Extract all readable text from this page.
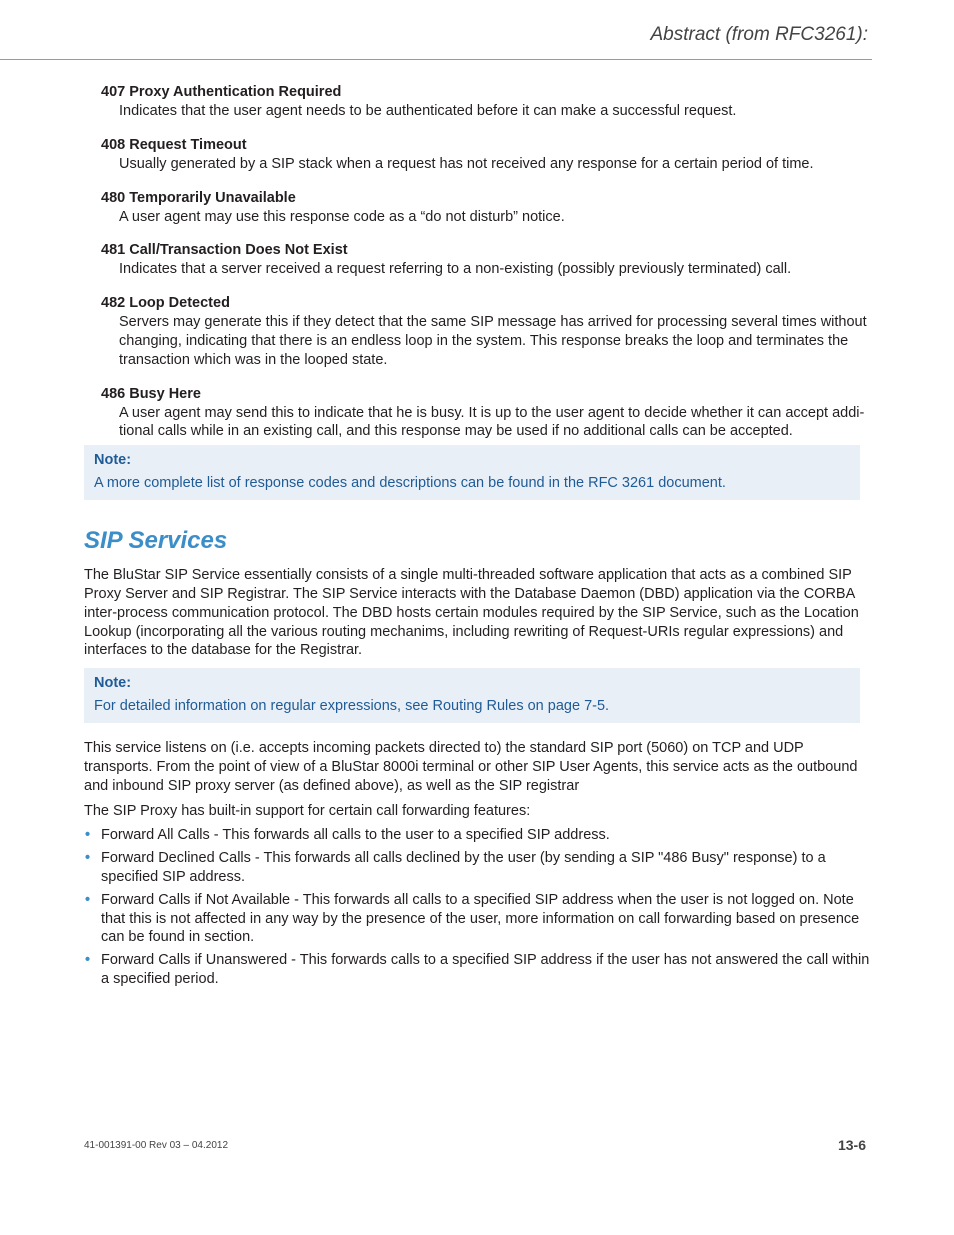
Abstract (from RFC3261):
407 Proxy Authentication Required
Indicates that the user agent needs to be authenticated before it can make a successful request.
408 Request Timeout
Usually generated by a SIP stack when a request has not received any response for a certain period of time.
480 Temporarily Unavailable
A user agent may use this response code as a “do not disturb” notice.
481 Call/Transaction Does Not Exist
Indicates that a server received a request referring to a non-existing (possibly previously terminated) call.
482 Loop Detected
Servers may generate this if they detect that the same SIP message has arrived for processing several times without changing, indicating that there is an endless loop in the system. This response breaks the loop and terminates the transaction which was in the looped state.
486 Busy Here
A user agent may send this to indicate that he is busy. It is up to the user agent to decide whether it can accept addi-tional calls while in an existing call, and this response may be used if no additional calls can be accepted.
Note:
A more complete list of response codes and descriptions can be found in the RFC 3261 document.
SIP Services

The BluStar SIP Service essentially consists of a single multi-threaded software application that acts as a combined SIP Proxy Server and SIP Registrar. The SIP Service interacts with the Database Daemon (DBD) application via the CORBA inter-process communication protocol. The DBD hosts certain modules required by the SIP Service, such as the Location Lookup (incorporating all the various routing mechanims, including rewriting of Request-URIs regular expressions) and interfaces to the database for the Registrar.

Note:
For detailed information on regular expressions, see Routing Rules on page 7-5.

This service listens on (i.e. accepts incoming packets directed to) the standard SIP port (5060) on TCP and UDP transports. From the point of view of a BluStar 8000i terminal or other SIP User Agents, this service acts as the outbound and inbound SIP proxy server (as defined above), as well as the SIP registrar

The SIP Proxy has built-in support for certain call forwarding features:

• Forward All Calls - This forwards all calls to the user to a specified SIP address.
• Forward Declined Calls - This forwards all calls declined by the user (by sending a SIP "486 Busy" response) to a specified SIP address.
• Forward Calls if Not Available - This forwards all calls to a specified SIP address when the user is not logged on. Note that this is not affected in any way by the presence of the user, more information on call forwarding based on presence can be found in section.
• Forward Calls if Unanswered - This forwards calls to a specified SIP address if the user has not answered the call within a specified period.
41-001391-00 Rev 03 – 04.2012	13-6
